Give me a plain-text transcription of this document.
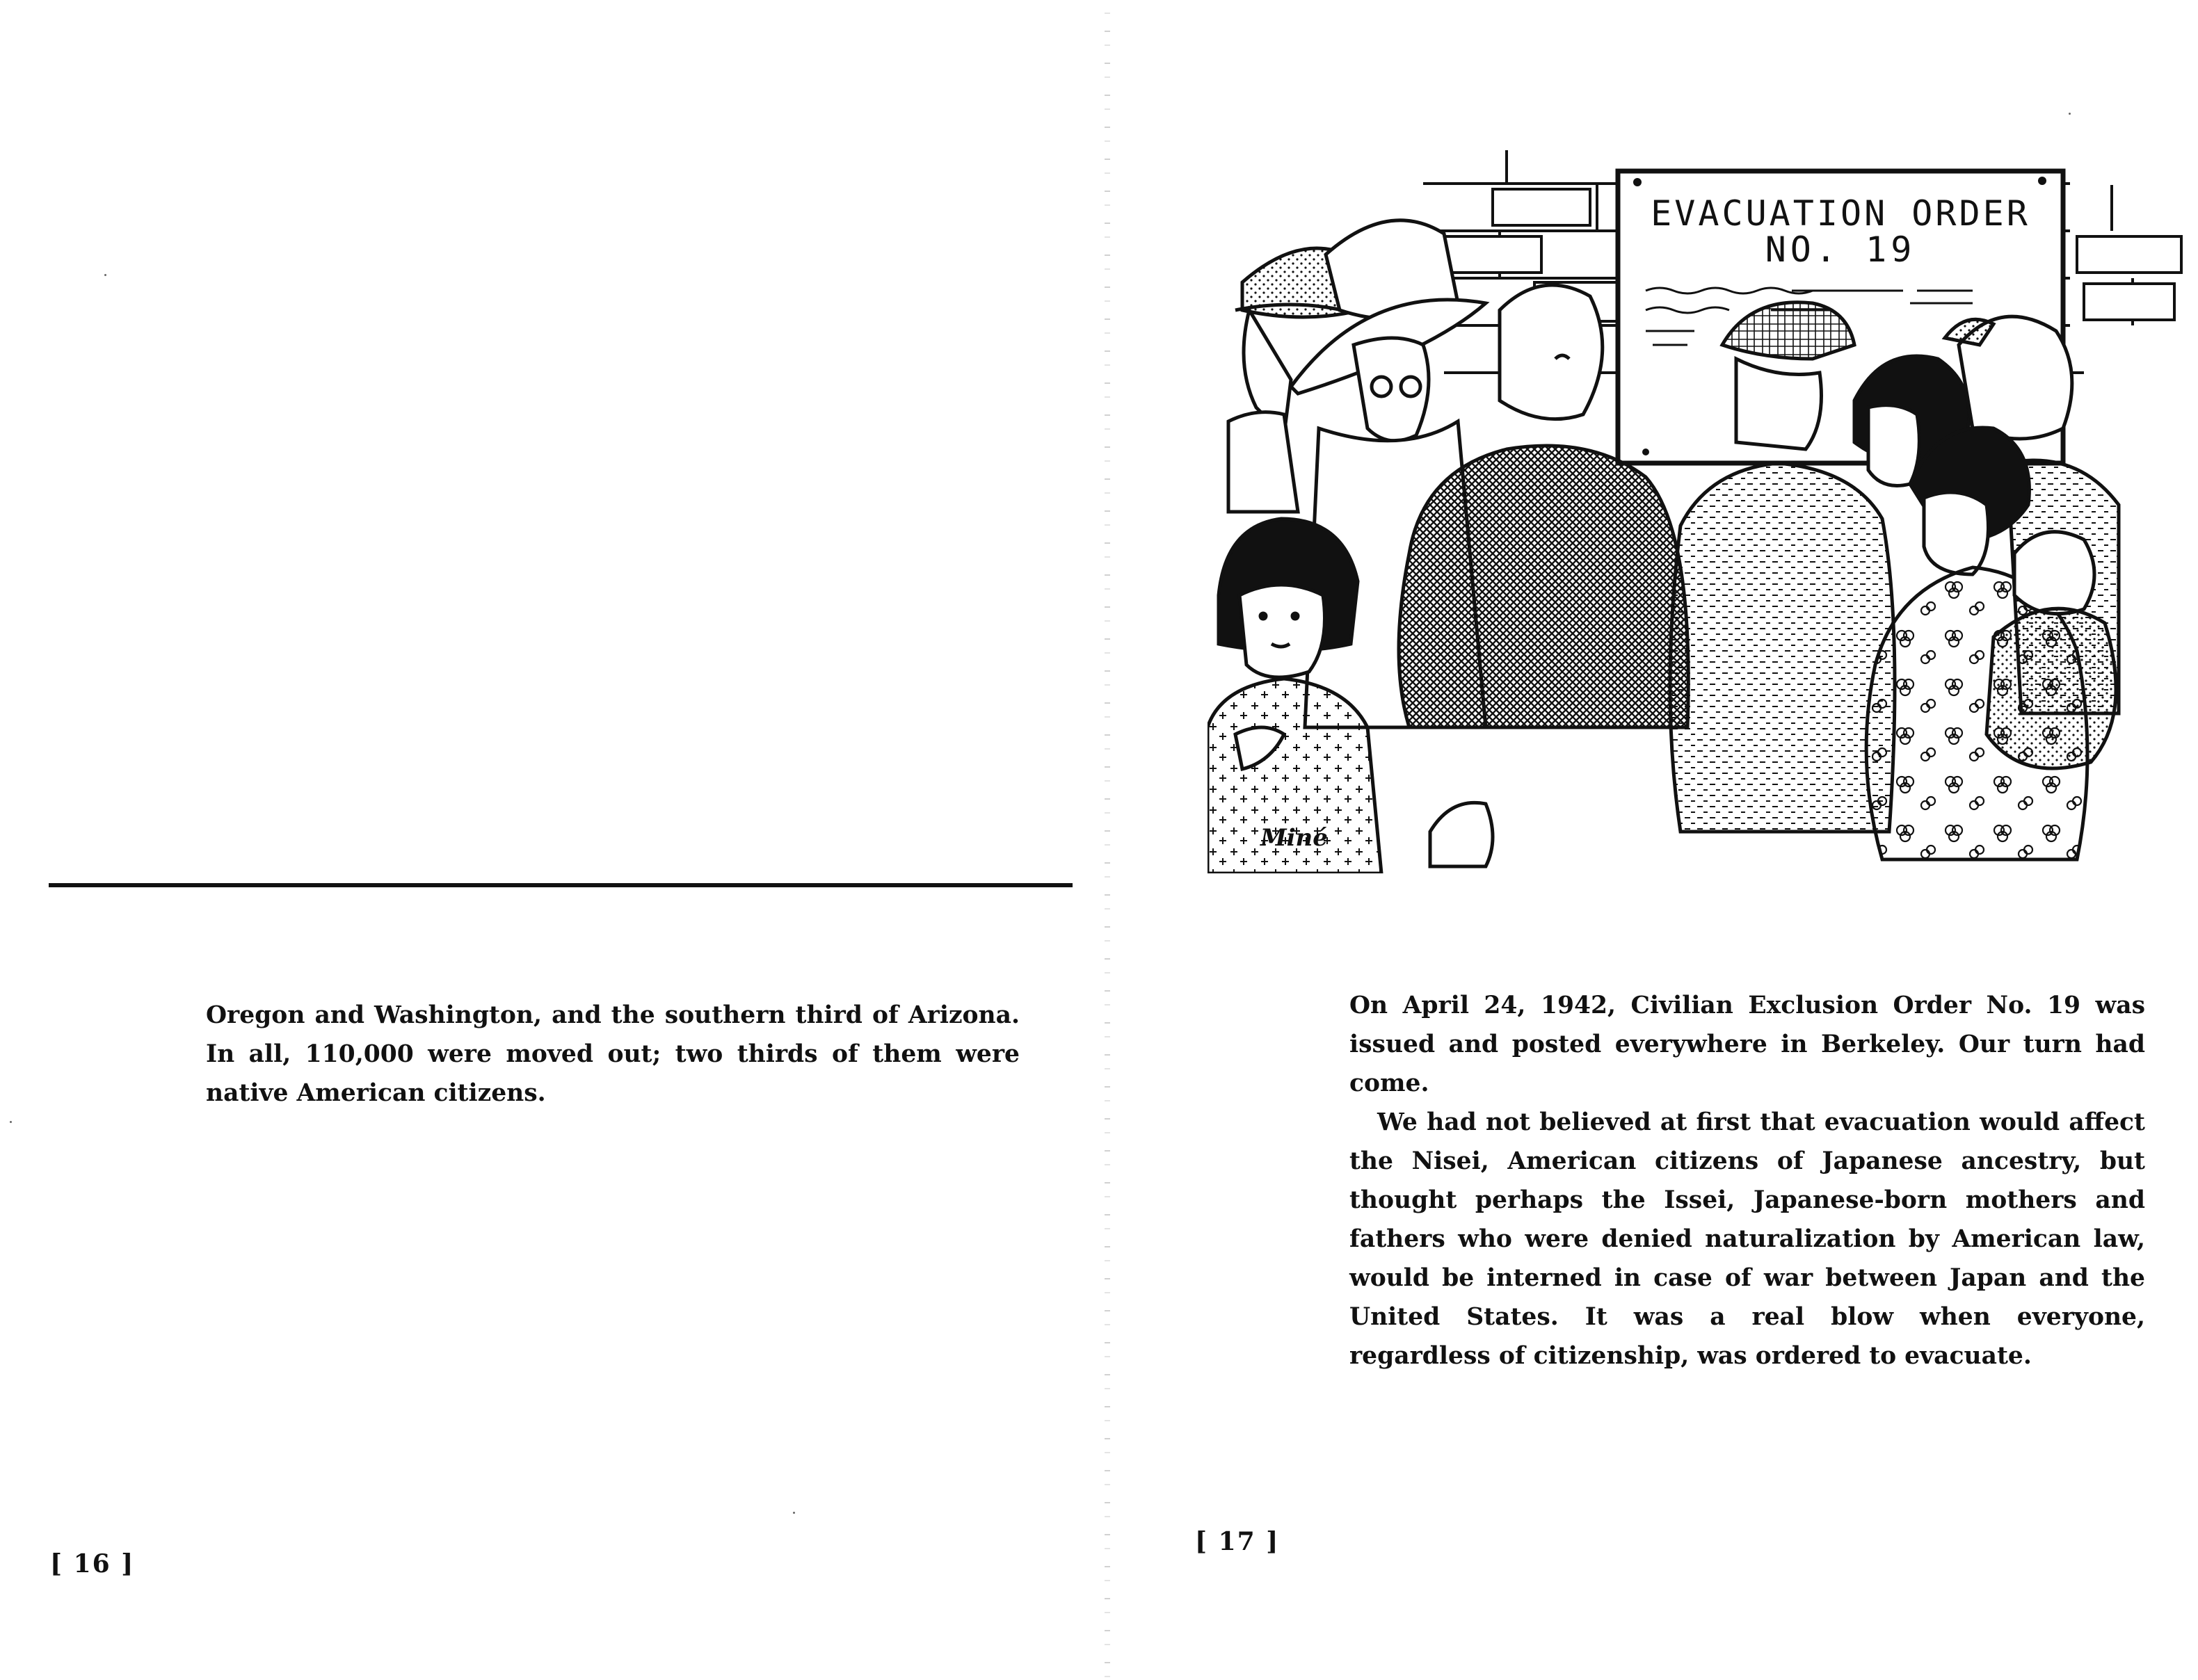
Oregon and Washington, and the southern third of Arizona.

In all, 110,000 were moved out; two thirds of them were

native American citizens.

[ 16 ]

EVACUATION ORDER
NO. 19
Miné

On April 24, 1942, Civilian Exclusion Order No. 19 was issued and posted everywhere in Berkeley. Our turn had come.

We had not believed at first that evacuation would affect the Nisei, American citizens of Japanese ancestry, but thought perhaps the Issei, Japanese-born mothers and fathers who were denied naturalization by American law, would be interned in case of war between Japan and the United States. It was a real blow when everyone, regardless of citizenship, was ordered to evacuate.

[ 17 ]
